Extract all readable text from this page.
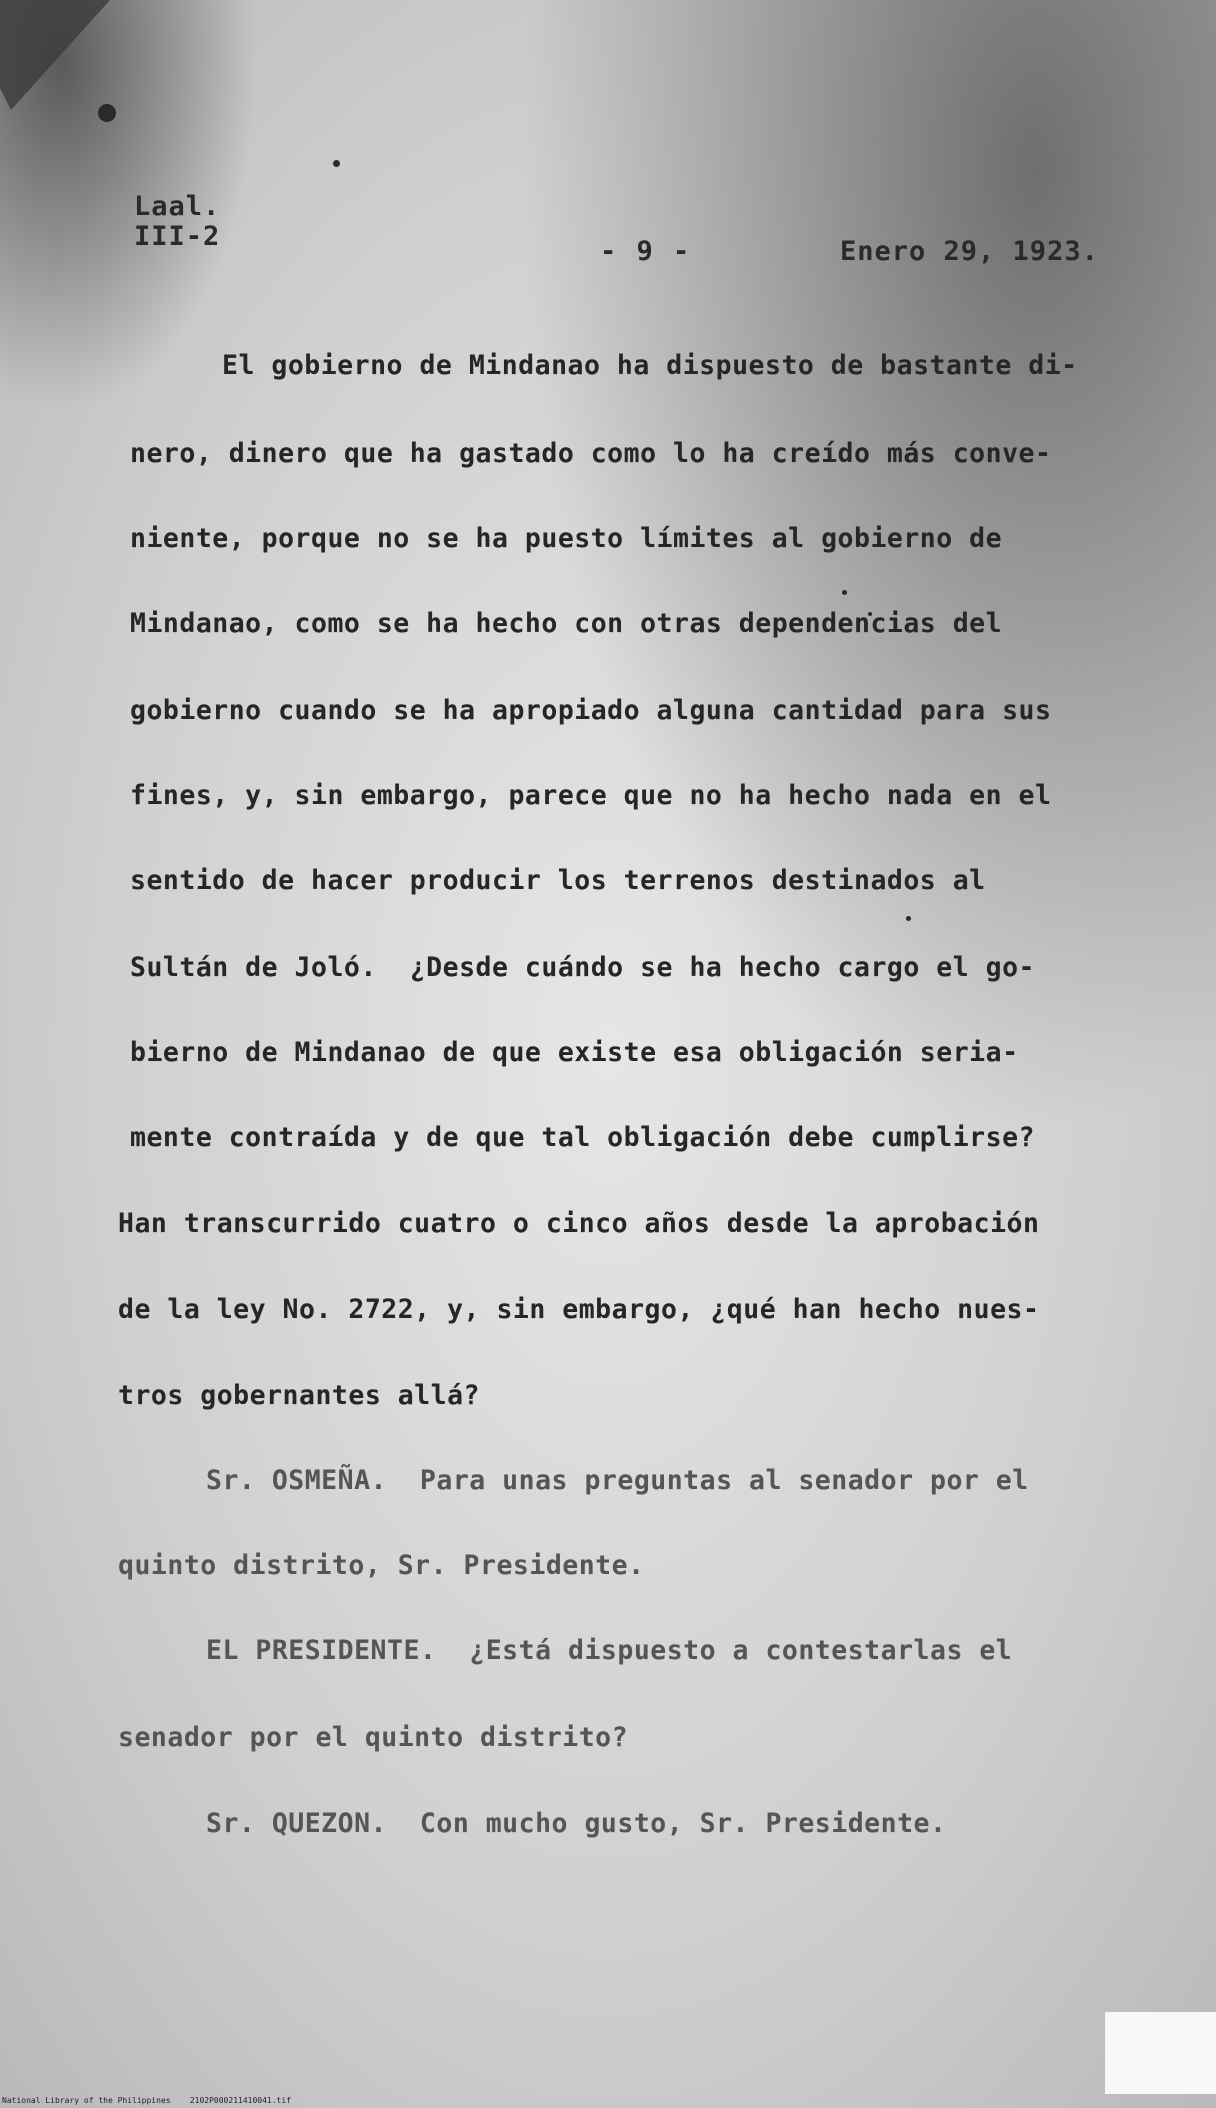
Laal.
III-2	- 9 -	Enero 29, 1923.
El gobierno de Mindanao ha dispuesto de bastante di-
nero, dinero que ha gastado como lo ha creído más conve-
niente, porque no se ha puesto límites al gobierno de
Mindanao, como se ha hecho con otras dependencias del
gobierno cuando se ha apropiado alguna cantidad para sus
fines, y, sin embargo, parece que no ha hecho nada en el
sentido de hacer producir los terrenos destinados al
Sultán de Joló.  ¿Desde cuándo se ha hecho cargo el go-
bierno de Mindanao de que existe esa obligación seria-
mente contraída y de que tal obligación debe cumplirse?
Han transcurrido cuatro o cinco años desde la aprobación
de la ley No. 2722, y, sin embargo, ¿qué han hecho nues-
tros gobernantes allá?
Sr. OSMEÑA.  Para unas preguntas al senador por el
quinto distrito, Sr. Presidente.
EL PRESIDENTE.  ¿Está dispuesto a contestarlas el
senador por el quinto distrito?
Sr. QUEZON.  Con mucho gusto, Sr. Presidente.
National Library of the Philippines    2102P000211410041.tif
